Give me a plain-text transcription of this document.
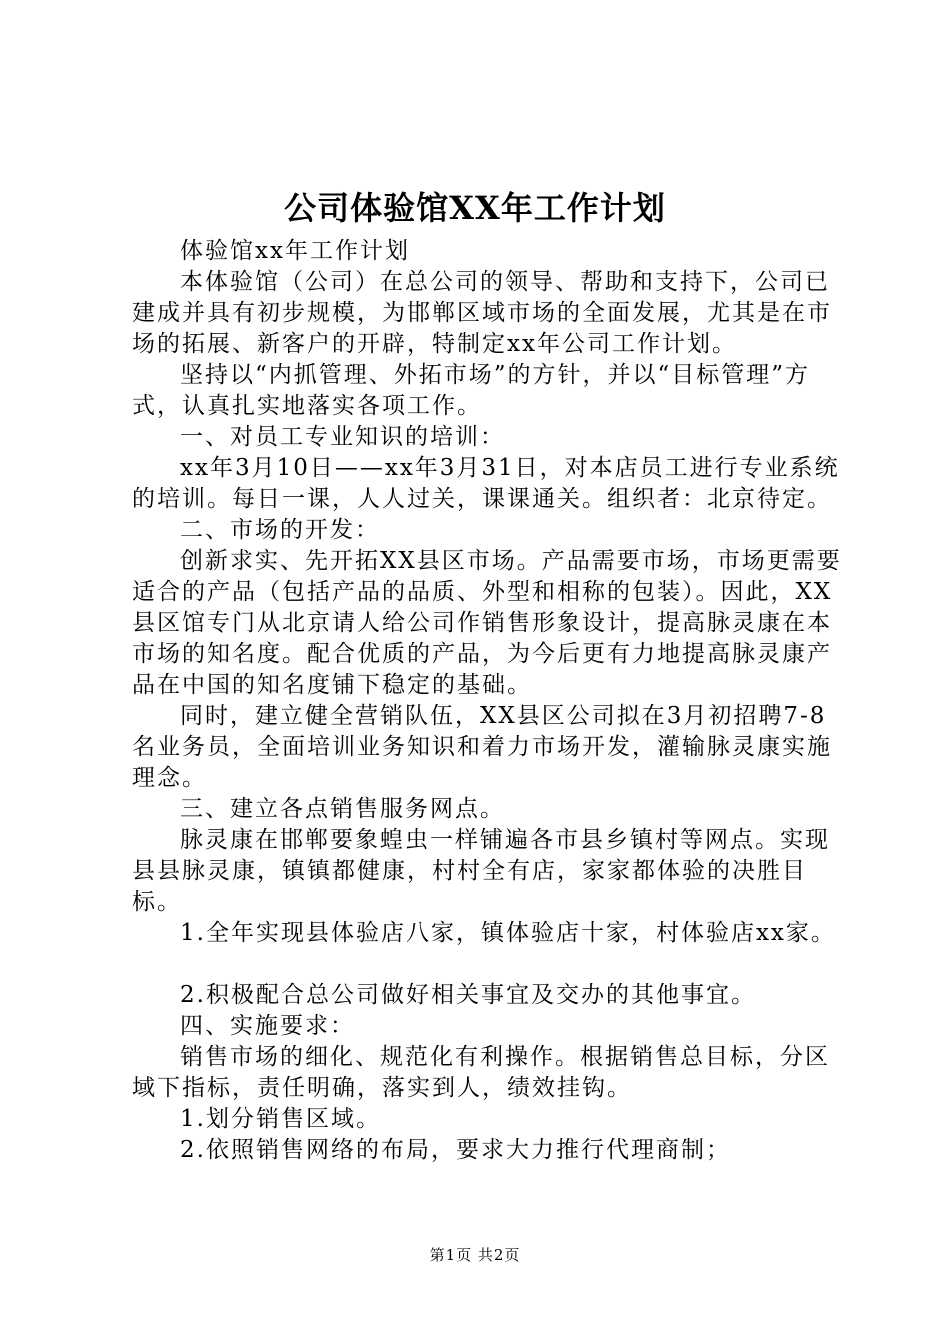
公司体验馆XX年工作计划

体验馆xx年工作计划

本体验馆（公司）在总公司的领导、帮助和支持下，公司已建成并具有初步规模，为邯郸区域市场的全面发展，尤其是在市场的拓展、新客户的开辟，特制定xx年公司工作计划。

坚持以“内抓管理、外拓市场”的方针，并以“目标管理”方式，认真扎实地落实各项工作。

一、对员工专业知识的培训：

xx年3月10日——xx年3月31日，对本店员工进行专业系统的培训。每日一课，人人过关，课课通关。组织者：北京待定。

二、市场的开发：

创新求实、先开拓XX县区市场。产品需要市场，市场更需要适合的产品（包括产品的品质、外型和相称的包装）。因此，XX县区馆专门从北京请人给公司作销售形象设计，提高脉灵康在本市场的知名度。配合优质的产品，为今后更有力地提高脉灵康产品在中国的知名度铺下稳定的基础。

同时，建立健全营销队伍，XX县区公司拟在3月初招聘7-8名业务员，全面培训业务知识和着力市场开发，灌输脉灵康实施理念。

三、建立各点销售服务网点。

脉灵康在邯郸要象蝗虫一样铺遍各市县乡镇村等网点。实现县县脉灵康，镇镇都健康，村村全有店，家家都体验的决胜目标。

1.全年实现县体验店八家，镇体验店十家，村体验店xx家。

2.积极配合总公司做好相关事宜及交办的其他事宜。

四、实施要求：

销售市场的细化、规范化有利操作。根据销售总目标，分区域下指标，责任明确，落实到人，绩效挂钩。

1.划分销售区域。

2.依照销售网络的布局，要求大力推行代理商制；

第1页 共2页
